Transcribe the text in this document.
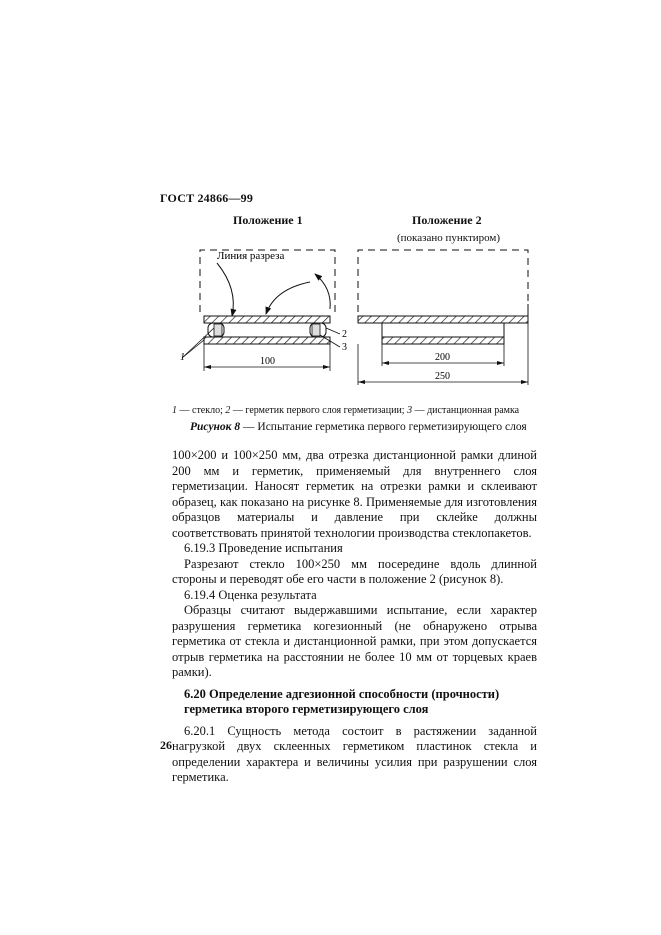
ГОСТ 24866—99
Положение 1	Положение 2
(показано пунктиром)
Линия разреза
100
1
2
3
200
250
1 — стекло; 2 — герметик первого слоя герметизации; 3 — дистанционная рамка
Рисунок 8 — Испытание герметика первого герметизирующего слоя
100×200 и 100×250 мм, два отрезка дистанционной рамки длиной 200 мм и герметик, применяемый для внутреннего слоя герметизации. Наносят герметик на отрезки рамки и склеивают образец, как показано на рисунке 8. Применяемые для изготовления образцов материалы и давление при склейке должны соответствовать принятой технологии производства стеклопакетов.
6.19.3 Проведение испытания
Разрезают стекло 100×250 мм посередине вдоль длинной стороны и переводят обе его части в положение 2 (рисунок 8).
6.19.4 Оценка результата
Образцы считают выдержавшими испытание, если характер разрушения герметика когезионный (не обнаружено отрыва герметика от стекла и дистанционной рамки, при этом допускается отрыв герметика на расстоянии не более 10 мм от торцевых краев рамки).
6.20 Определение адгезионной способности (прочности) герметика второго герметизирующего слоя
6.20.1 Сущность метода состоит в растяжении заданной нагрузкой двух склеенных герметиком пластинок стекла и определении характера и величины усилия при разрушении слоя герметика.
26
